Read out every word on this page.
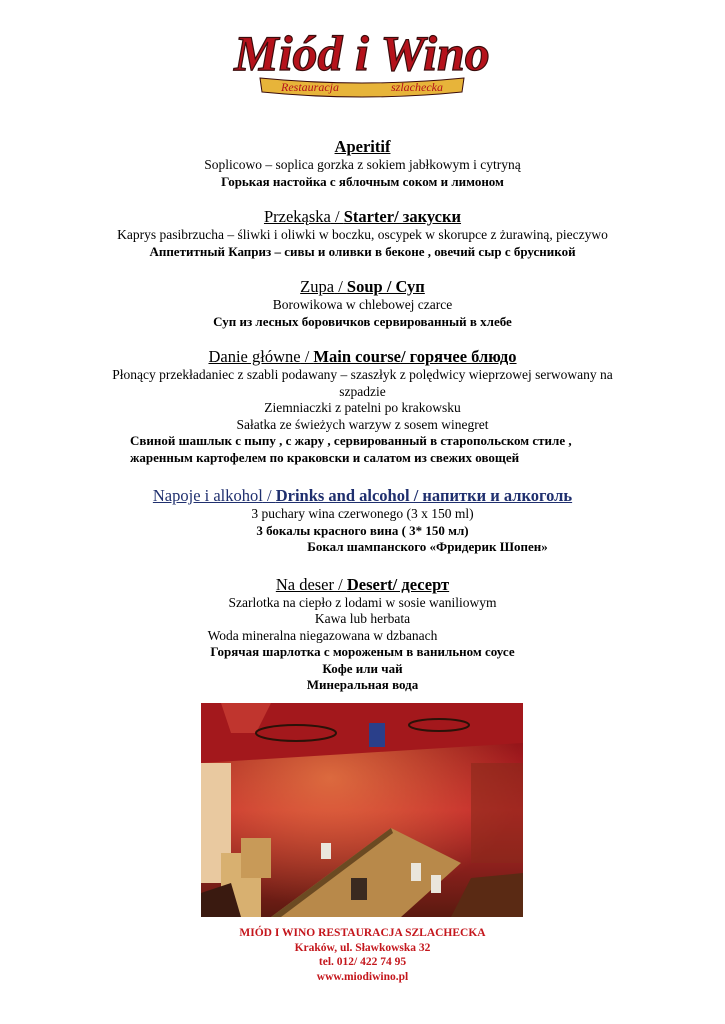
Miód i Wino
Restauracja	szlachecka

Aperitif

Soplicowo – soplica gorzka z sokiem jabłkowym i cytryną

Горькая настойка с яблочным соком и лимоном

Przekąska / Starter/ закуски

Kaprys pasibrzucha – śliwki i oliwki w boczku, oscypek w skorupce z żurawiną, pieczywo

Аппетитный Каприз – сивы и оливки в беконе , овечий сыр с брусникой

Zupa / Soup / Суп

Borowikowa w chlebowej czarce

Суп из лесных боровичков сервированный в хлебе

Danie główne / Main course/ горячее блюдо

Płonący przekładaniec z szabli podawany – szaszłyk z polędwicy wieprzowej serwowany na

szpadzie

Ziemniaczki z patelni po krakowsku

Sałatka ze świeżych warzyw z sosem winegret

Свиной шашлык с пыпу , с жару , сервированный в старопольском стиле ,

жаренным картофелем по краковски и салатом из свежих овощей

Napoje i alkohol / Drinks and alcohol / напитки и алкоголь

3 puchary wina czerwonego (3 x 150 ml)

3 бокалы красного вина ( 3* 150 мл)

Бокал шампанского «Фридерик Шопен»

Na deser / Desert/ десерт

Szarlotka na ciepło z lodami w sosie waniliowym

Kawa lub herbata

Woda mineralna niegazowana w dzbanach

Горячая шарлотка с мороженым в ванильном соусе

Кофе или чай

Минеральная вода

MIÓD I WINO RESTAURACJA SZLACHECKA
Kraków, ul. Sławkowska 32
tel. 012/ 422 74 95
www.miodiwino.pl
